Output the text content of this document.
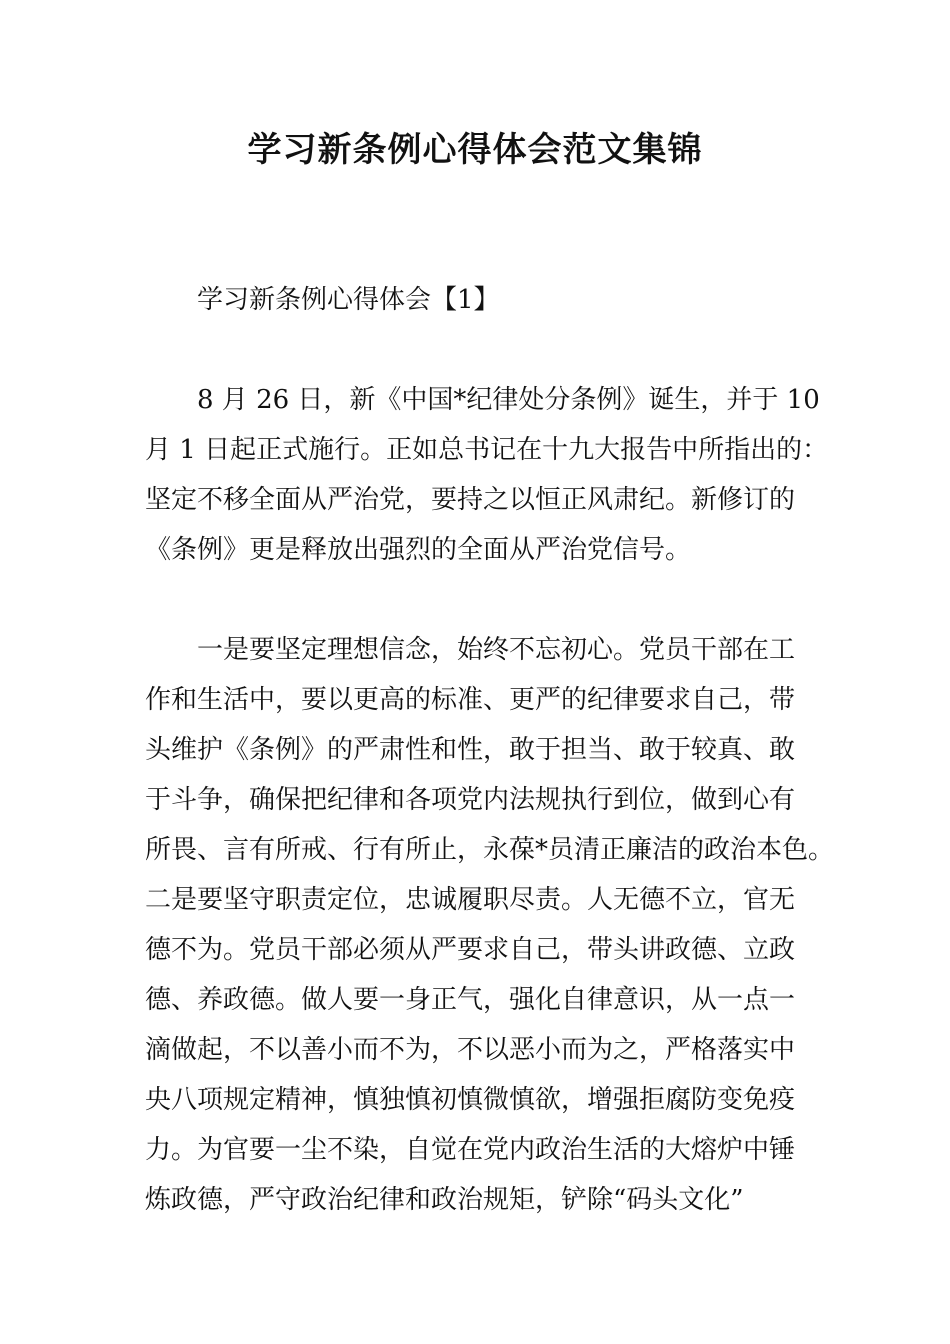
学习新条例心得体会范文集锦

学习新条例心得体会【1】

8 月 26 日，新《中国*纪律处分条例》诞生，并于 10

月 1 日起正式施行。正如总书记在十九大报告中所指出的：

坚定不移全面从严治党，要持之以恒正风肃纪。新修订的

《条例》更是释放出强烈的全面从严治党信号。

一是要坚定理想信念，始终不忘初心。党员干部在工

作和生活中，要以更高的标准、更严的纪律要求自己，带

头维护《条例》的严肃性和性，敢于担当、敢于较真、敢

于斗争，确保把纪律和各项党内法规执行到位，做到心有

所畏、言有所戒、行有所止，永葆*员清正廉洁的政治本色。

二是要坚守职责定位，忠诚履职尽责。人无德不立，官无

德不为。党员干部必须从严要求自己，带头讲政德、立政

德、养政德。做人要一身正气，强化自律意识，从一点一

滴做起，不以善小而不为，不以恶小而为之，严格落实中

央八项规定精神，慎独慎初慎微慎欲，增强拒腐防变免疫

力。为官要一尘不染，自觉在党内政治生活的大熔炉中锤

炼政德，严守政治纪律和政治规矩，铲除“码头文化”
